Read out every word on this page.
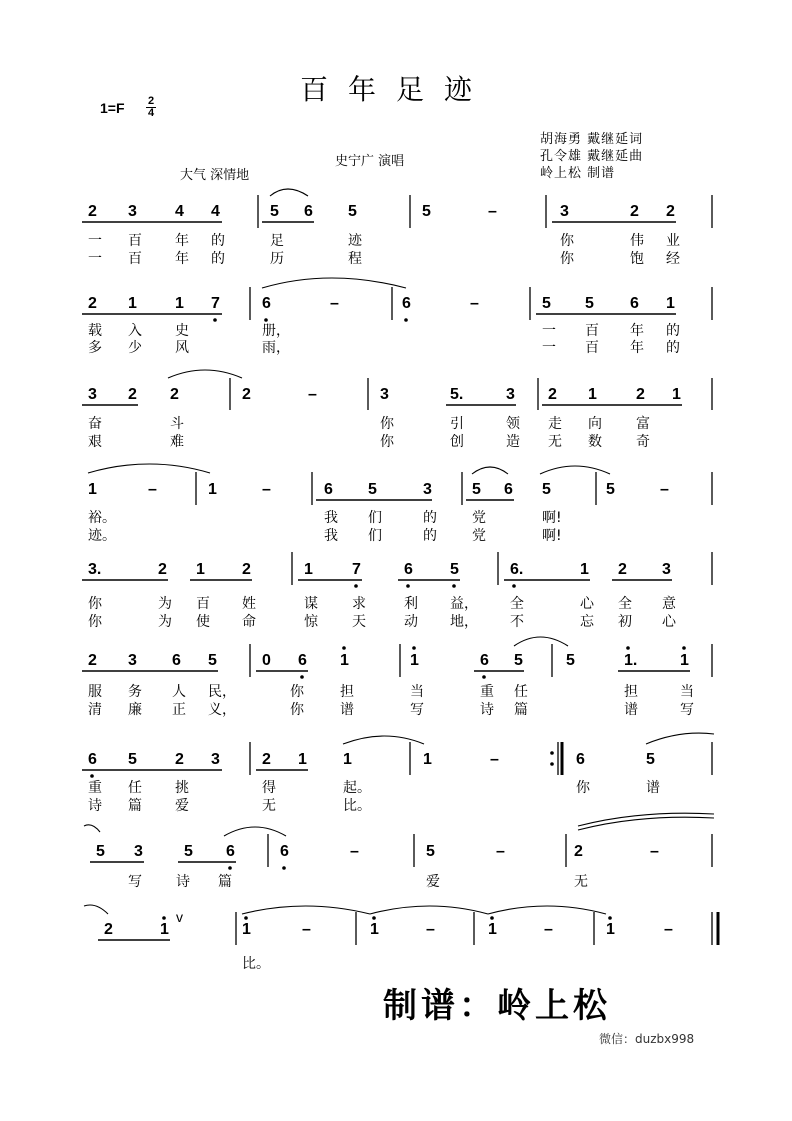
百年足迹
1=F 2
4
胡海勇 戴继延词
孔令雄 戴继延曲
岭上松 制谱
史宁广 演唱
大气 深情地
v
2 3 4 4	5 6 5	5	–	3	2 2
一 百 年 的	足	迹	你	伟 业
一 百 年 的	历	程	你	饱 经
2 1 1 7	6	–	6	–	5 5 6 1
载 入 史	册，	一 百 年 的
多 少 风	雨，	一 百 年 的
3 2 2	2	–	3	5.	3 2 1 2 1
奋	斗	你	引	领 走 向 富
艰	难	你	创	造 无 数 奇
1	–	1	–	6 5	3	5 6 5	5	–
裕。	我 们	的	党	啊!
迹。	我 们	的	党	啊!
3.	2 1 2	1 7	6 5	6.	1 2 3
你	为 百 姓	谋 求	利 益， 全	心 全 意
你	为 使 命	惊 天	动 地， 不	忘 初 心
2 3 6 5	0 6 1	1	6 5	5	1.	1
服 务 人 民，	你	担	当	重 任	担	当
清 廉 正 义，	你	谱	写	诗 篇	谱	写
6 5 2 3	2 1 1	1	–	6	5
重 任 挑	得	起。	你	谱
诗 篇 爱	无	比。
5 3	5 6	6	–	5	–	2	–
写 诗 篇	爱	无
2	1	1	–	1	–	1	–	1	–
比。
制谱：岭上松
微信：duzbx998
